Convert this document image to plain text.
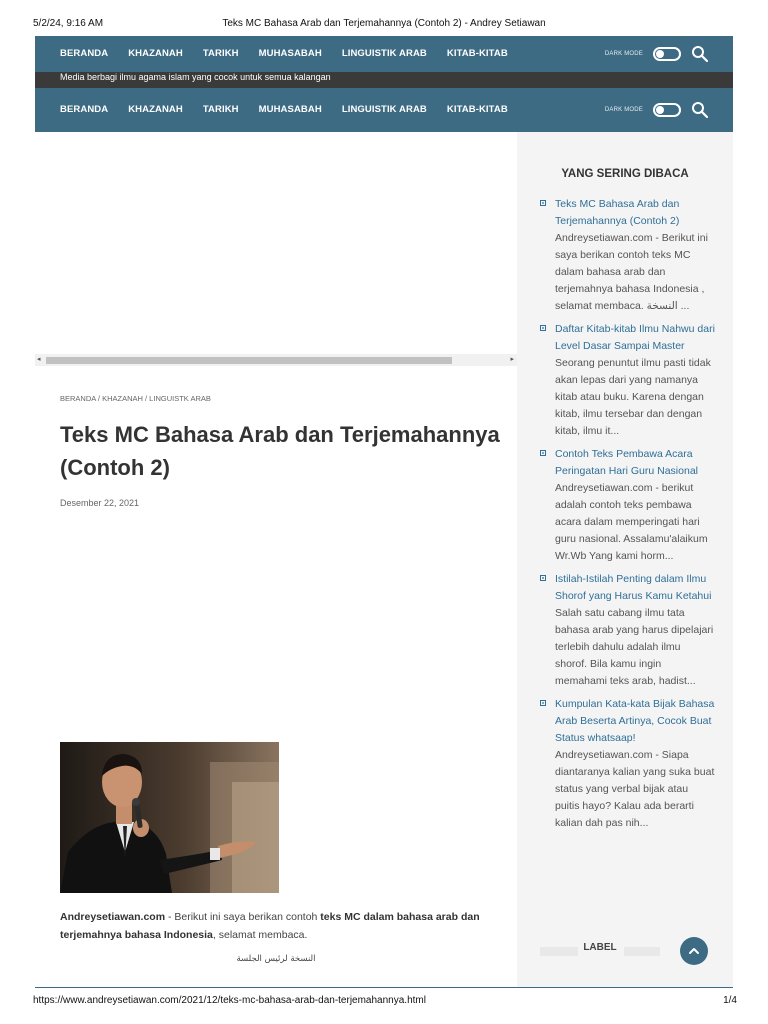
5/2/24, 9:16 AM	Teks MC Bahasa Arab dan Terjemahannya (Contoh 2) - Andrey Setiawan
BERANDA KHAZANAH TARIKH MUHASABAH LINGUISTIK ARAB KITAB-KITAB	DARK MODE
Media berbagi ilmu agama islam yang cocok untuk semua kalangan
BERANDA KHAZANAH TARIKH MUHASABAH LINGUISTIK ARAB KITAB-KITAB	DARK MODE
◂	▸
BERANDA / KHAZANAH / LINGUISTK ARAB
Teks MC Bahasa Arab dan Terjemahannya (Contoh 2)
Desember 22, 2021

Andreysetiawan.com - Berikut ini saya berikan contoh teks MC dalam bahasa arab dan terjemahnya bahasa Indonesia, selamat membaca.

النسخة لرئيس الجلسة
YANG SERING DIBACA
Teks MC Bahasa Arab dan Terjemahannya (Contoh 2)
Andreysetiawan.com - Berikut ini saya berikan contoh teks MC dalam bahasa arab dan terjemahnya bahasa Indonesia , selamat membaca. النسخة ...
Daftar Kitab-kitab Ilmu Nahwu dari Level Dasar Sampai Master
Seorang penuntut ilmu pasti tidak akan lepas dari yang namanya kitab atau buku. Karena dengan kitab, ilmu tersebar dan dengan kitab, ilmu it...
Contoh Teks Pembawa Acara Peringatan Hari Guru Nasional
Andreysetiawan.com - berikut adalah contoh teks pembawa acara dalam memperingati hari guru nasional. Assalamu'alaikum Wr.Wb Yang kami horm...
Istilah-Istilah Penting dalam Ilmu Shorof yang Harus Kamu Ketahui
Salah satu cabang ilmu tata bahasa arab yang harus dipelajari terlebih dahulu adalah ilmu shorof. Bila kamu ingin memahami teks arab, hadist...
Kumpulan Kata-kata Bijak Bahasa Arab Beserta Artinya, Cocok Buat Status whatsaap!
Andreysetiawan.com - Siapa diantaranya kalian yang suka buat status yang verbal bijak atau puitis hayo? Kalau ada berarti kalian dah pas nih...
LABEL
https://www.andreysetiawan.com/2021/12/teks-mc-bahasa-arab-dan-terjemahannya.html	1/4
